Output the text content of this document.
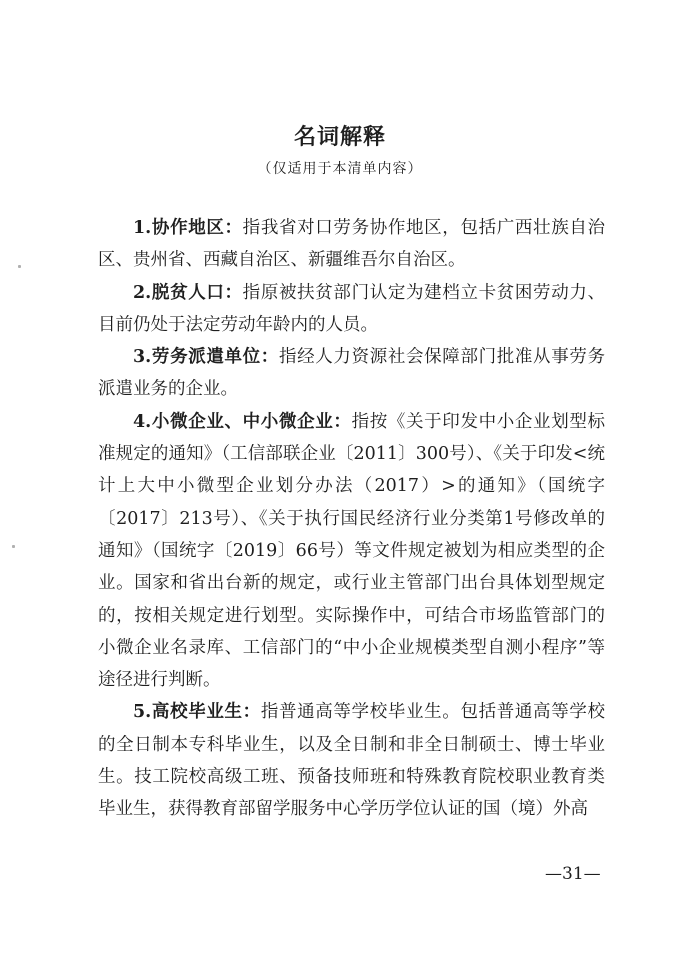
名词解释
（仅适用于本清单内容）

1.协作地区：指我省对口劳务协作地区，包括广西壮族自治区、贵州省、西藏自治区、新疆维吾尔自治区。

2.脱贫人口：指原被扶贫部门认定为建档立卡贫困劳动力、目前仍处于法定劳动年龄内的人员。

3.劳务派遣单位：指经人力资源社会保障部门批准从事劳务派遣业务的企业。

4.小微企业、中小微企业：指按《关于印发中小企业划型标准规定的通知》（工信部联企业〔2011〕300号）、《关于印发<统计上大中小微型企业划分办法（2017）>的通知》（国统字〔2017〕213号）、《关于执行国民经济行业分类第1号修改单的通知》（国统字〔2019〕66号）等文件规定被划为相应类型的企业。国家和省出台新的规定，或行业主管部门出台具体划型规定的，按相关规定进行划型。实际操作中，可结合市场监管部门的小微企业名录库、工信部门的“中小企业规模类型自测小程序”等途径进行判断。

5.高校毕业生：指普通高等学校毕业生。包括普通高等学校的全日制本专科毕业生，以及全日制和非全日制硕士、博士毕业生。技工院校高级工班、预备技师班和特殊教育院校职业教育类毕业生，获得教育部留学服务中心学历学位认证的国（境）外高

—31—
